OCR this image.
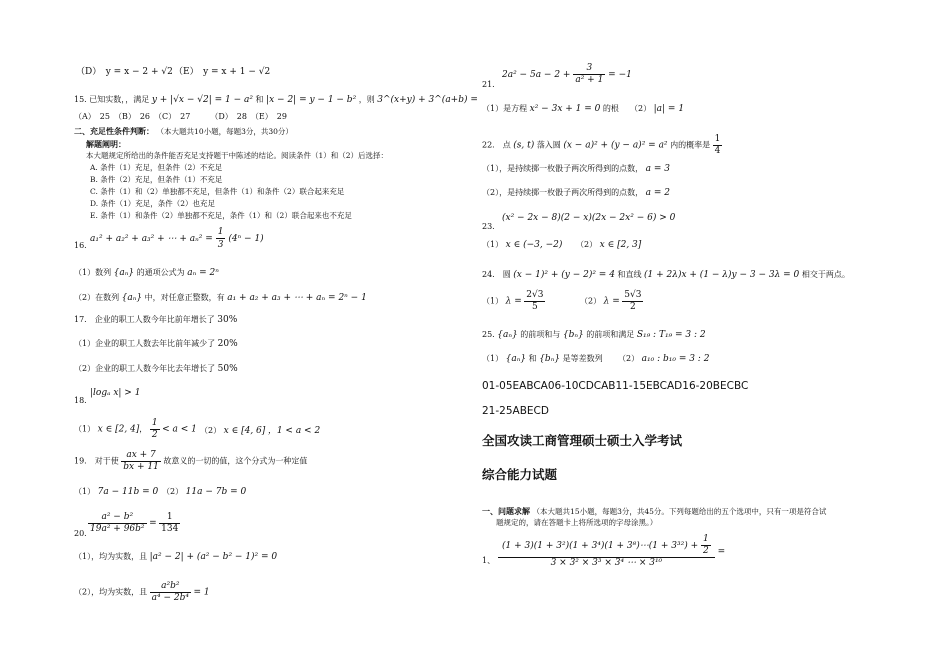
（D）　y = x − 2 + √2 （E）　y = x + 1 − √2
15. 已知实数，，满足 y + |√x − √2| = 1 − a² 和 |x − 2| = y − 1 − b² ，则 3^(x+y) + 3^(a+b) =
（A）　25　（B）　26　（C）　27　　　（D）　28　（E）　29
二、充足性条件判断： （本大题共10小题，每题3分，共30分）
解题阐明：
本大题规定所给出的条件能否充足支持题干中陈述的结论。阅读条件（1）和（2）后选择：
A. 条件（1）充足，但条件（2）不充足
B. 条件（2）充足，但条件（1）不充足
C. 条件（1）和（2）单独都不充足，但条件（1）和条件（2）联合起来充足
D. 条件（1）充足，条件（2）也充足
E. 条件（1）和条件（2）单独都不充足，条件（1）和（2）联合起来也不充足
16.
a₁² + a₂² + a₃² + ⋯ + $a_n^2 = \frac{1}{3} (4^n - 1)$
（1）数列 {aₙ} 的通项公式为 aₙ = 2ⁿ
（2）在数列 {aₙ} 中，对任意正整数，有 a₁ + a₂ + a₃ + ⋯ + aₙ = 2ⁿ − 1
17.　企业的职工人数今年比前年增长了 30%
（1）企业的职工人数去年比前年减少了 20%
（2）企业的职工人数今年比去年增长了 50%
18.
|logₐ x| > 1
（1） x ∈ [2, 4]， $\frac{1}{2} < a < 1$ （2） x ∈ [4, 6] ，1 < a < 2
19.　对于使 $\frac{ax + 7}{bx + 11}$ 故意义的一切的值，这个分式为一种定值
（1） 7a − 11b = 0 （2） 11a − 7b = 0
$\frac{\text{a² − b²}}{\text{19a² + 96b²}} = \frac{1}{134}$
20.
（1），均为实数，且 |a² − 2| + (a² − b² − 1)² = 0
（2），均为实数，且 $\frac{\text{a²b²}}{\text{a⁴ − 2b⁴}} = 1$
$2a^2 - 5a - 2 + \frac{3}{\text{a² + 1}} = -1$
21.
（1）是方程 x² − 3x + 1 = 0 的根 （2） |a| = 1
22.　点 (s, t) 落入圆 (x − a)² + (y − a)² = a² 内的概率是 $\frac{1}{4}$
（1），是持续掷一枚骰子两次所得到的点数， a = 3
（2），是持续掷一枚骰子两次所得到的点数， a = 2
(x² − 2x − 8)(2 − x)(2x − 2x² − 6) > 0
23.
（1） x ∈ (−3, −2) （2） x ∈ [2, 3]
24.　圆 (x − 1)² + (y − 2)² = 4 和直线 (1 + 2λ)x + (1 − λ)y − 3 − 3λ = 0 相交于两点。
（1） $\lambda = \frac{2√3}{5}$	（2） $\lambda = \frac{5√3}{2}$
25. {aₙ} 的前项和与 {bₙ} 的前项和满足 S₁₉ : T₁₉ = 3 : 2
（1） {aₙ} 和 {bₙ} 是等差数列 （2） a₁₀ : b₁₀ = 3 : 2
01-05EABCA06-10CDCAB11-15EBCAD16-20BECBC
21-25ABECD
全国攻读工商管理硕士硕士入学考试
综合能力试题
一、问题求解 （本大题共15小题，每题3分，共45分。下列每题给出的五个选项中，只有一项是符合试
题规定的，请在答题卡上将所选项的字母涂黑。）
$\frac{(1 + 3)(1 + 3^2)(1 + 3^4)(1 + 3^8)\cdots(1 + 3^{32}) + \frac{1}{2}}{\text{3 × 3² × 3³ × 3⁴ ⋯ × 3¹⁰}}$ =
1、
